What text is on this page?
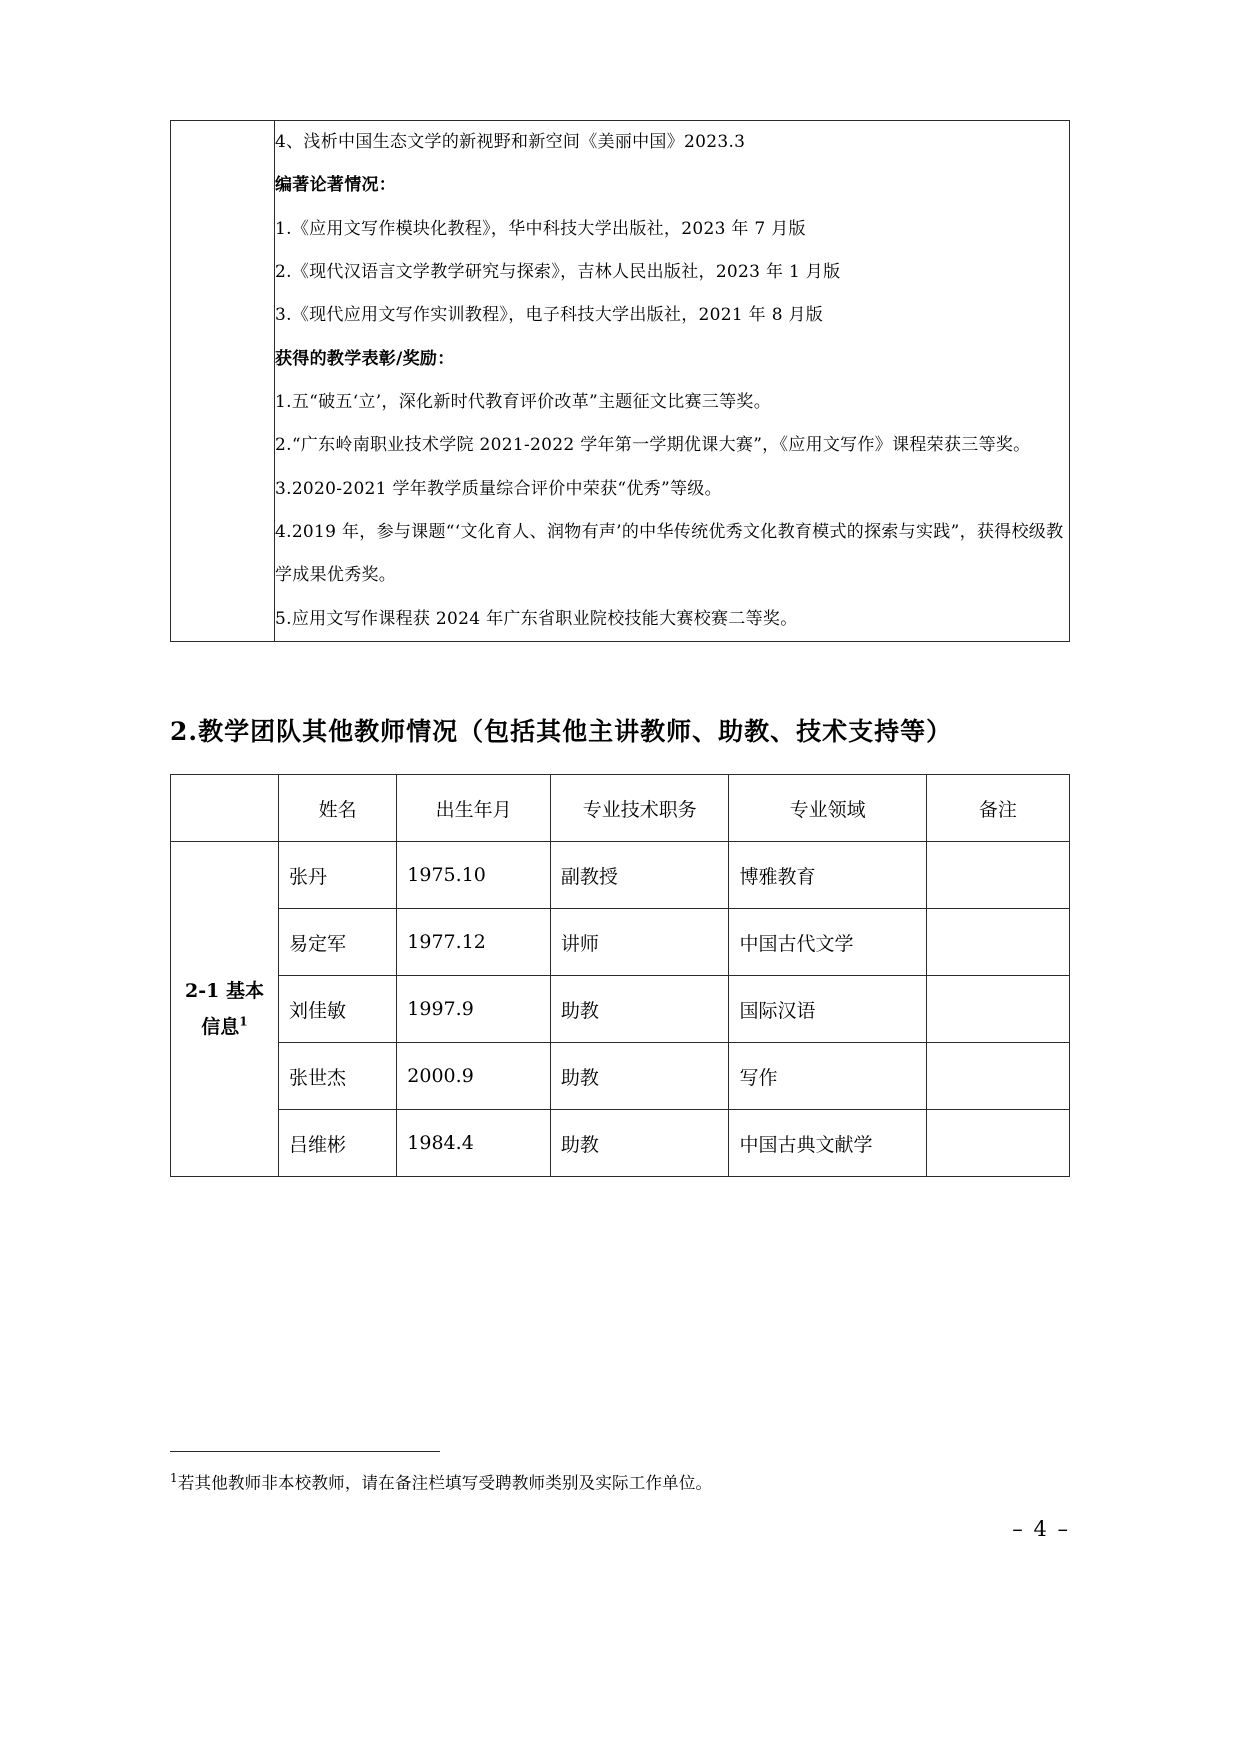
4、浅析中国生态文学的新视野和新空间《美丽中国》2023.3

编著论著情况：

1.《应用文写作模块化教程》，华中科技大学出版社，2023 年 7 月版

2.《现代汉语言文学教学研究与探索》，吉林人民出版社，2023 年 1 月版

3.《现代应用文写作实训教程》，电子科技大学出版社，2021 年 8 月版

获得的教学表彰/奖励：

1.五“破五‘立’，深化新时代教育评价改革”主题征文比赛三等奖。

2.“广东岭南职业技术学院 2021-2022 学年第一学期优课大赛”，《应用文写作》课程荣获三等奖。

3.2020-2021 学年教学质量综合评价中荣获“优秀”等级。

4.2019 年，参与课题“‘文化育人、润物有声’的中华传统优秀文化教育模式的探索与实践”，获得校级教学成果优秀奖。

5.应用文写作课程获 2024 年广东省职业院校技能大赛校赛二等奖。

2.教学团队其他教师情况（包括其他主讲教师、助教、技术支持等）
	姓名	出生年月	专业技术职务	专业领域	备注
2-1 基本信息$^1$	张丹	1975.10	副教授	博雅教育	
	易定军	1977.12	讲师	中国古代文学	
	刘佳敏	1997.9	助教	国际汉语	
	张世杰	2000.9	助教	写作	
	吕维彬	1984.4	助教	中国古典文献学	
$^1$若其他教师非本校教师，请在备注栏填写受聘教师类别及实际工作单位。
– 4 –
